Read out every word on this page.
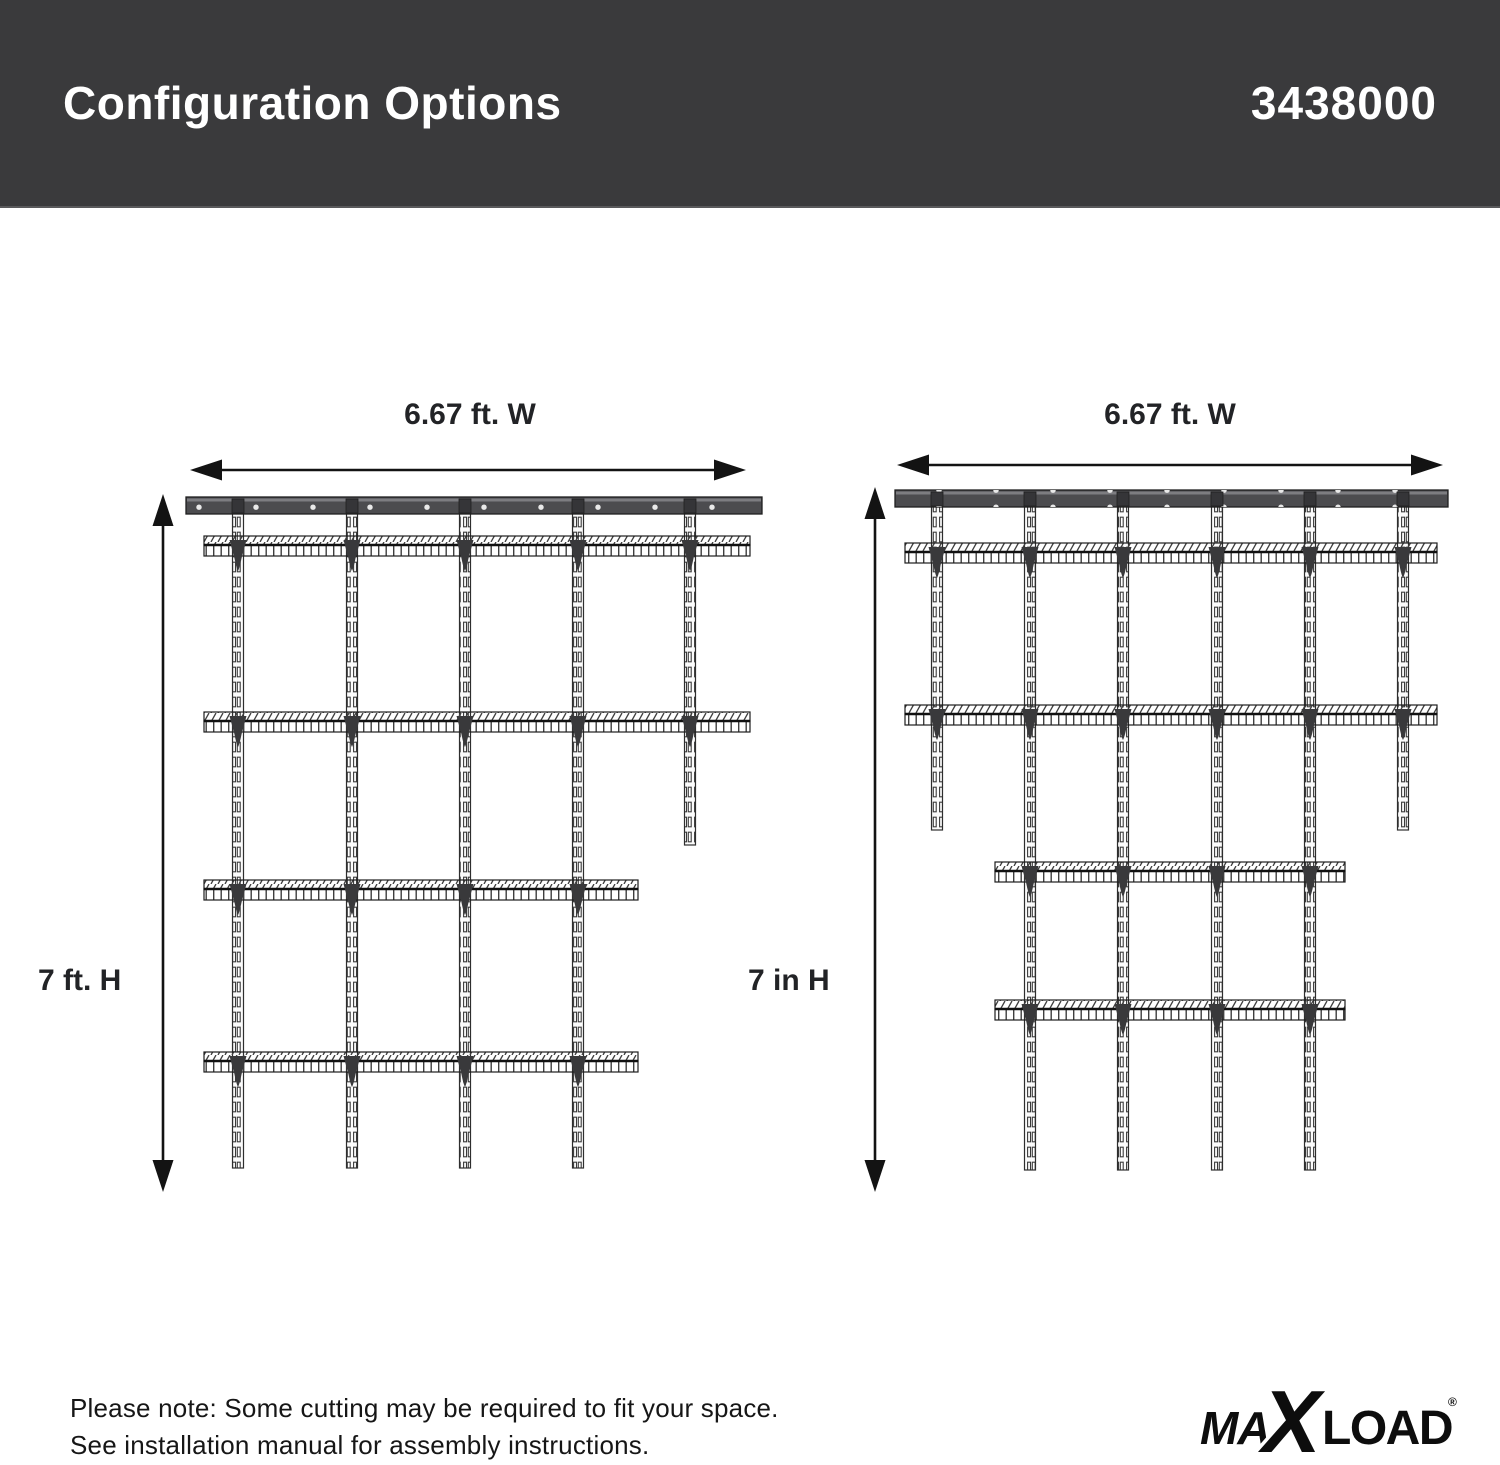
Configuration Options	3438000
6.67 ft. W
7 ft. H
6.67 ft. W
7 in H
Please note: Some cutting may be required to fit your space.
See installation manual for assembly instructions.	MA LOAD
X	®
